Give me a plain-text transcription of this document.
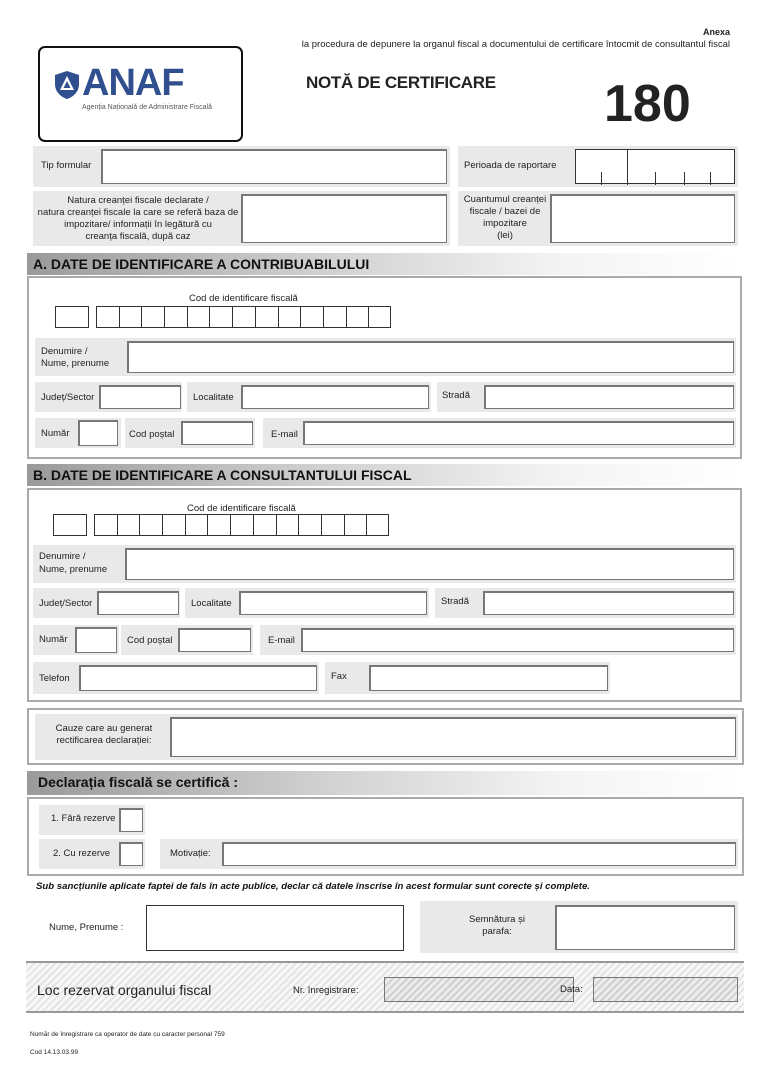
Anexa
la procedura de depunere la organul fiscal a documentului de certificare întocmit de consultantul fiscal
ANAF
Agenția Națională de Administrare Fiscală
NOTĂ DE CERTIFICARE 180
Tip formular	Perioada de raportare
Natura creanței fiscale declarate /
natura creanței fiscale la care se referă baza de
impozitare/ informații în legătură cu
creanța fiscală, după caz
Cuantumul creanței
fiscale / bazei de
impozitare
(lei)
A. DATE DE IDENTIFICARE A CONTRIBUABILULUI
Cod de identificare fiscală
Denumire /
Nume, prenume
Județ/Sector	Localitate	Stradă
Număr	Cod poștal	E-mail
B. DATE DE IDENTIFICARE A CONSULTANTULUI FISCAL
Cod de identificare fiscală
Denumire /
Nume, prenume
Județ/Sector	Localitate	Stradă
Număr	Cod poștal	E-mail
Telefon	Fax
Cauze care au generat
rectificarea declarației:
Declarația fiscală se certifică :
1. Fără rezerve
2. Cu rezerve	Motivație:
Sub sancțiunile aplicate faptei de fals în acte publice, declar că datele înscrise în acest formular sunt corecte și complete.
Nume, Prenume :
Semnătura și
parafa:
Loc rezervat organului fiscal	Nr. înregistrare:	Data:
Număr de înregistrare ca operator de date cu caracter personal 759
Cod 14.13.03.99
